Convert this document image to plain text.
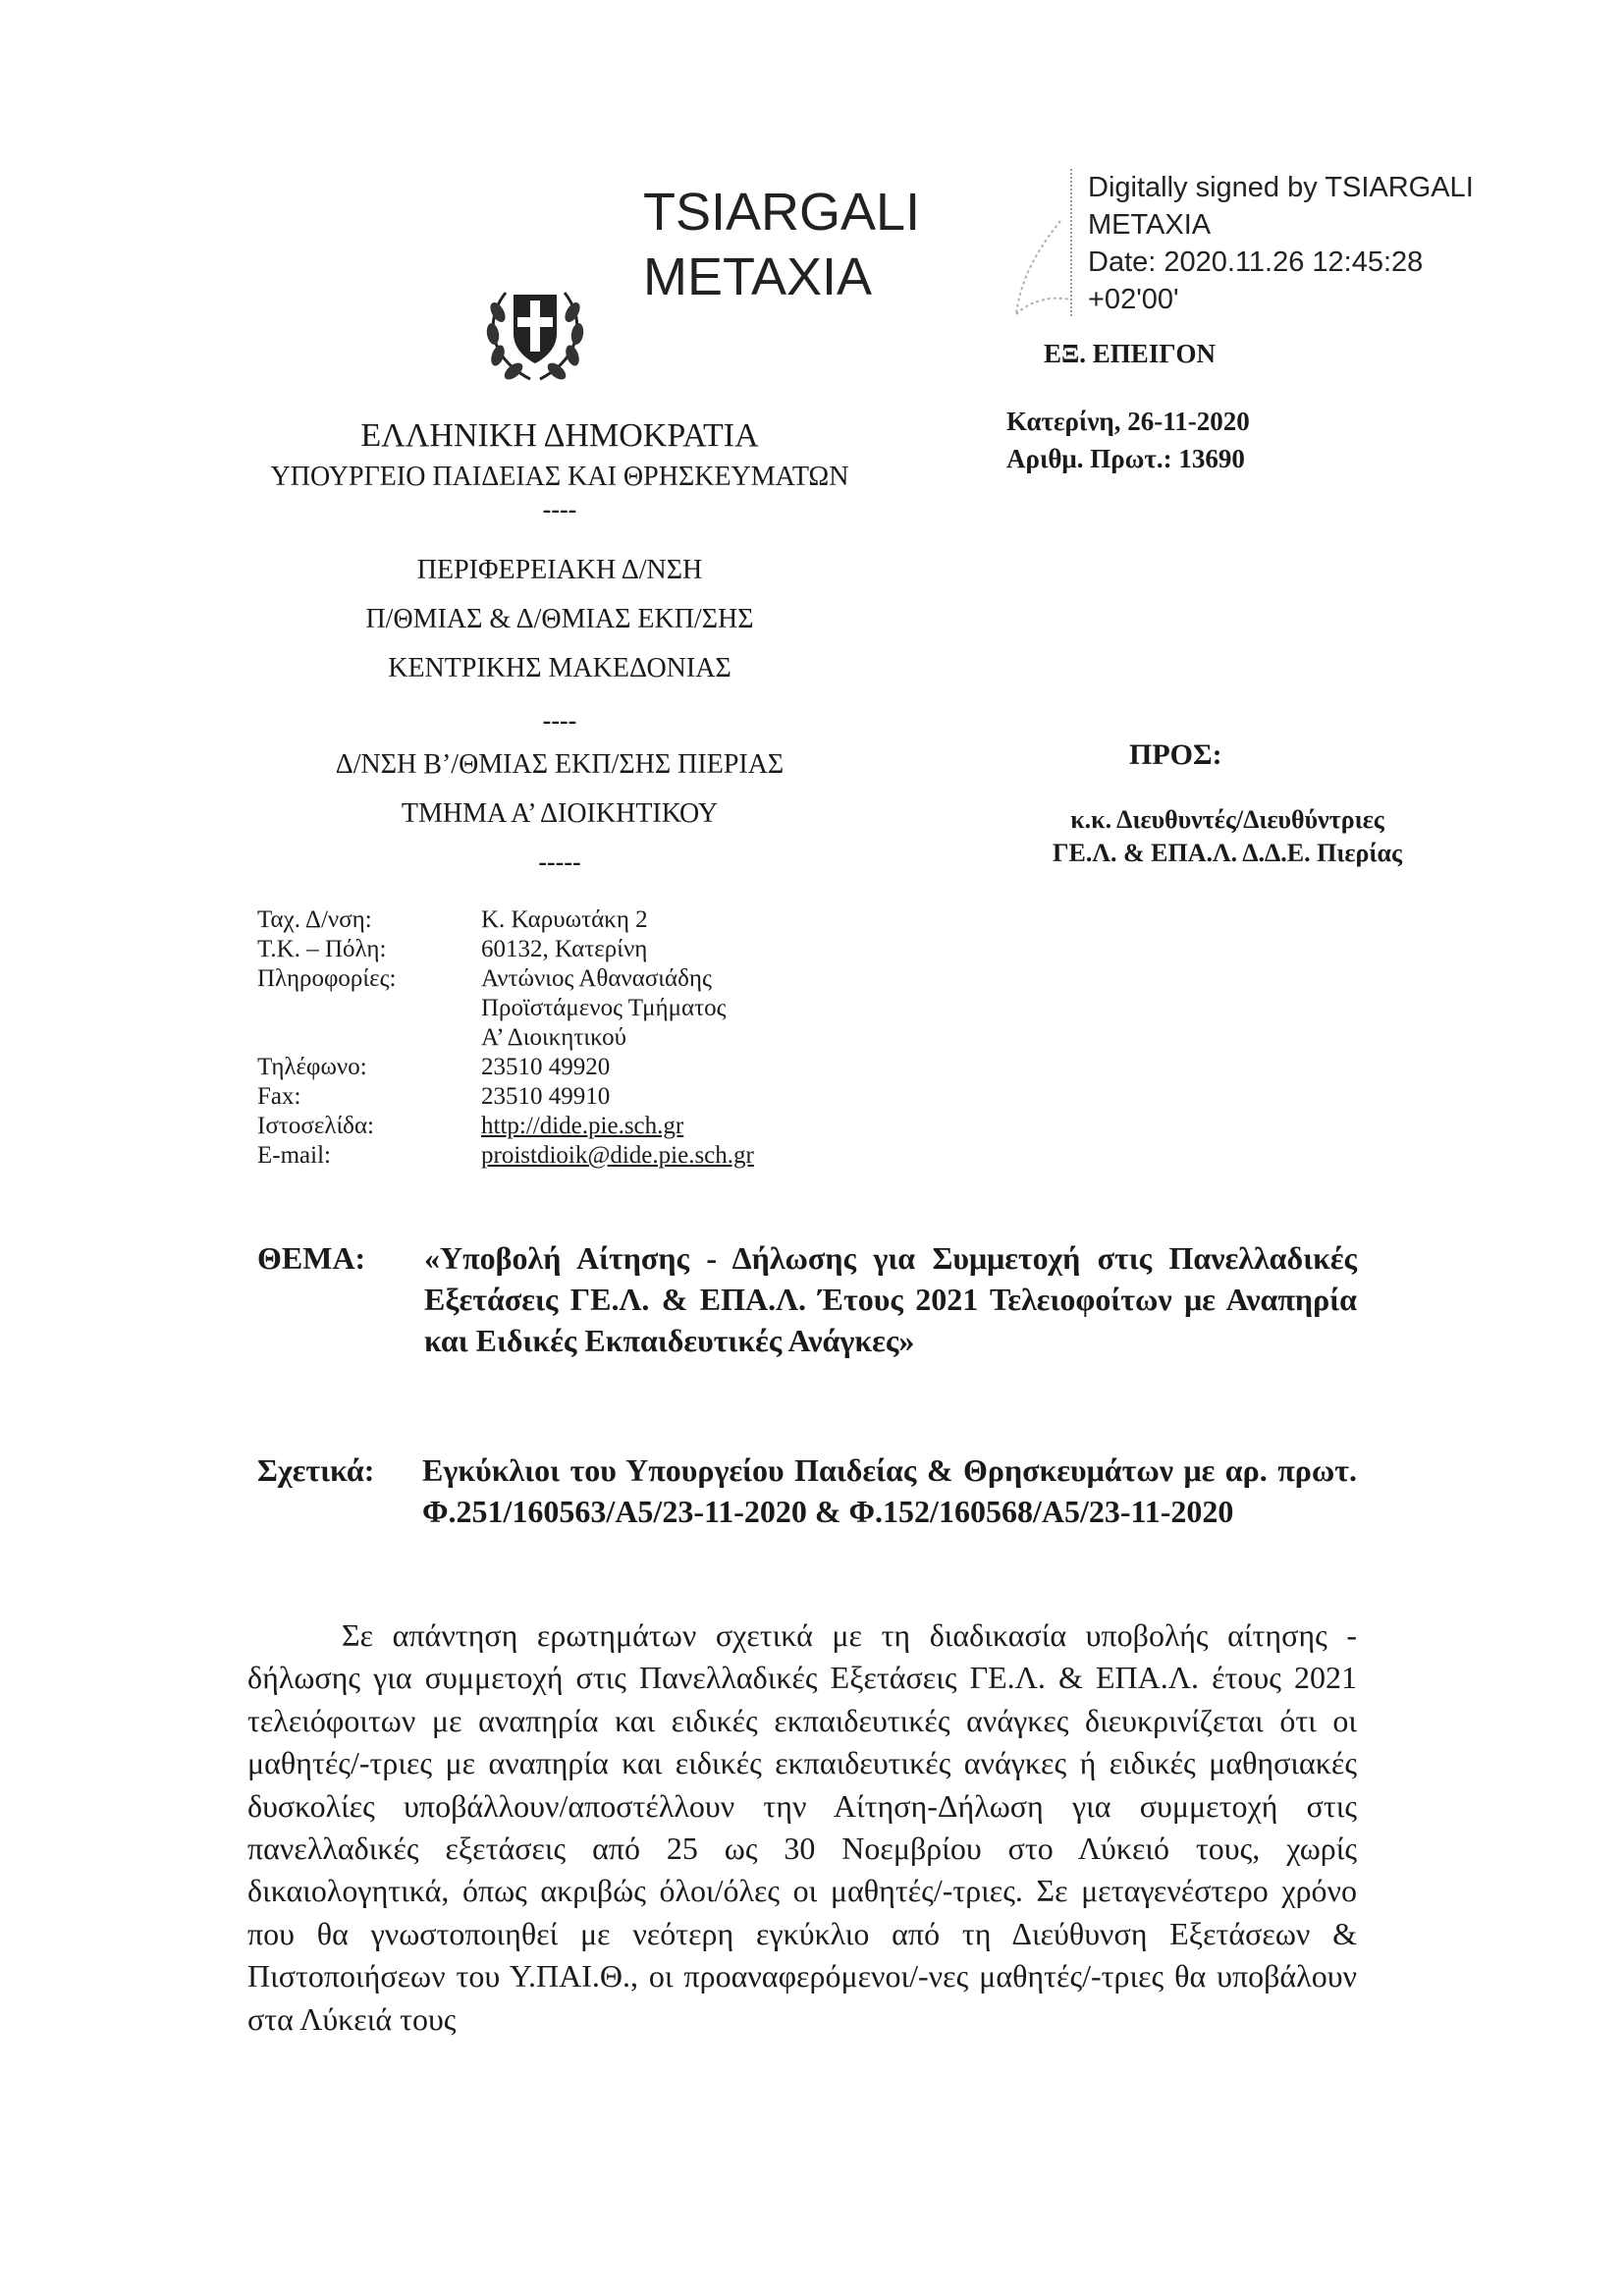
TSIARGALI
METAXIA
Digitally signed by TSIARGALI
METAXIA
Date: 2020.11.26 12:45:28
+02'00'
ΕΞ. ΕΠΕΙΓΟΝ
ΕΛΛΗΝΙΚΗ ΔΗΜΟΚΡΑΤΙΑ
ΥΠΟΥΡΓΕΙΟ ΠΑΙΔΕΙΑΣ ΚΑΙ ΘΡΗΣΚΕΥΜΑΤΩΝ
----
ΠΕΡΙΦΕΡΕΙΑΚΗ Δ/ΝΣΗ
Π/ΘΜΙΑΣ & Δ/ΘΜΙΑΣ ΕΚΠ/ΣΗΣ
ΚΕΝΤΡΙΚΗΣ ΜΑΚΕΔΟΝΙΑΣ
----
Δ/ΝΣΗ Β’/ΘΜΙΑΣ ΕΚΠ/ΣΗΣ ΠΙΕΡΙΑΣ
ΤΜΗΜΑ Α’ ΔΙΟΙΚΗΤΙΚΟΥ
-----
Κατερίνη, 26-11-2020
Αριθμ. Πρωτ.: 13690
ΠΡΟΣ:
κ.κ. Διευθυντές/Διευθύντριες
ΓΕ.Λ. & ΕΠΑ.Λ. Δ.Δ.Ε. Πιερίας
Ταχ. Δ/νση:	Κ. Καρυωτάκη 2
Τ.Κ. – Πόλη:	60132, Κατερίνη
Πληροφορίες:	Αντώνιος Αθανασιάδης
	Προϊστάμενος Τμήματος
	Α’ Διοικητικού
Τηλέφωνο:	23510 49920
Fax:	23510 49910
Ιστοσελίδα:	http://dide.pie.sch.gr
E-mail:	proistdioik@dide.pie.sch.gr
ΘΕΜΑ:	«Υποβολή Αίτησης - Δήλωσης για Συμμετοχή στις Πανελλαδικές Εξετάσεις ΓΕ.Λ. & ΕΠΑ.Λ. Έτους 2021 Τελειοφοίτων με Αναπηρία και Ειδικές Εκπαιδευτικές Ανάγκες»
Σχετικά:	Εγκύκλιοι του Υπουργείου Παιδείας & Θρησκευμάτων με αρ. πρωτ. Φ.251/160563/Α5/23-11-2020 & Φ.152/160568/Α5/23-11-2020
Σε απάντηση ερωτημάτων σχετικά με τη διαδικασία υποβολής αίτησης - δήλωσης για συμμετοχή στις Πανελλαδικές Εξετάσεις ΓΕ.Λ. & ΕΠΑ.Λ. έτους 2021 τελειόφοιτων με αναπηρία και ειδικές εκπαιδευτικές ανάγκες διευκρινίζεται ότι οι μαθητές/-τριες με αναπηρία και ειδικές εκπαιδευτικές ανάγκες ή ειδικές μαθησιακές δυσκολίες υποβάλλουν/αποστέλλουν την Αίτηση-Δήλωση για συμμετοχή στις πανελλαδικές εξετάσεις από 25 ως 30 Νοεμβρίου στο Λύκειό τους, χωρίς δικαιολογητικά, όπως ακριβώς όλοι/όλες οι μαθητές/-τριες. Σε μεταγενέστερο χρόνο που θα γνωστοποιηθεί με νεότερη εγκύκλιο από τη Διεύθυνση Εξετάσεων & Πιστοποιήσεων του Υ.ΠΑΙ.Θ., οι προαναφερόμενοι/-νες μαθητές/-τριες θα υποβάλουν στα Λύκειά τους
